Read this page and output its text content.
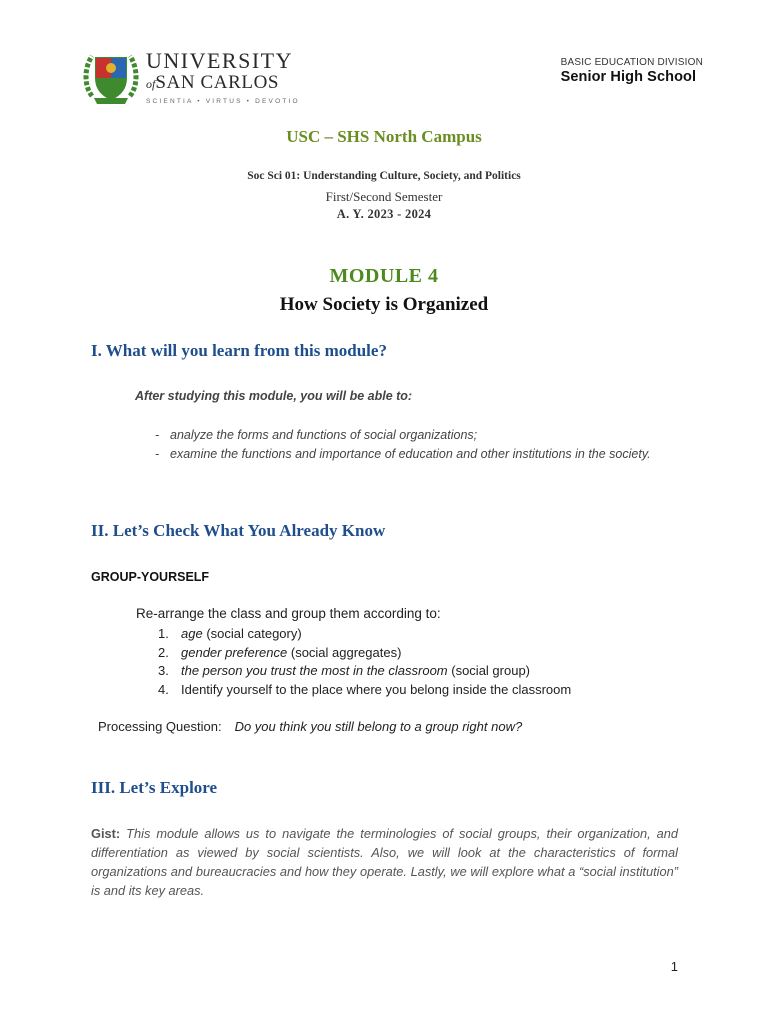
UNIVERSITY
ofSAN CARLOS
SCIENTIA • VIRTUS • DEVOTIO
BASIC EDUCATION DIVISION
Senior High School
USC – SHS North Campus
Soc Sci 01: Understanding Culture, Society, and Politics
First/Second Semester
A. Y. 2023 - 2024
MODULE 4
How Society is Organized
I. What will you learn from this module?
After studying this module, you will be able to:
- analyze the forms and functions of social organizations;
- examine the functions and importance of education and other institutions in the society.
II. Let’s Check What You Already Know
GROUP-YOURSELF
Re-arrange the class and group them according to:
1. age (social category)
2. gender preference (social aggregates)
3. the person you trust the most in the classroom (social group)
4. Identify yourself to the place where you belong inside the classroom
Processing Question: Do you think you still belong to a group right now?
III. Let’s Explore
Gist: This module allows us to navigate the terminologies of social groups, their organization, and differentiation as viewed by social scientists. Also, we will look at the characteristics of formal organizations and bureaucracies and how they operate. Lastly, we will explore what a “social institution” is and its key areas.
1
